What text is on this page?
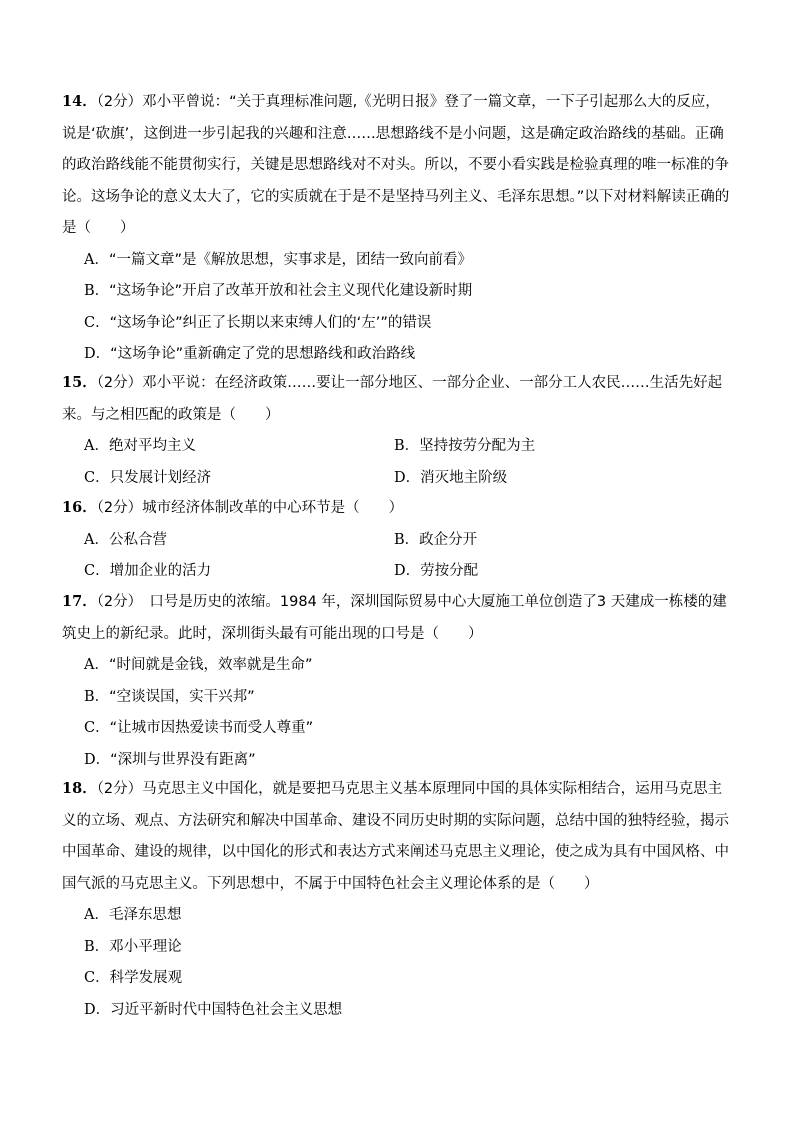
14．（2分）邓小平曾说：“关于真理标准问题,《光明日报》登了一篇文章，一下子引起那么大的反应，说是‘砍旗’，这倒进一步引起我的兴趣和注意……思想路线不是小问题，这是确定政治路线的基础。正确的政治路线能不能贯彻实行，关键是思想路线对不对头。所以，不要小看实践是检验真理的唯一标准的争论。这场争论的意义太大了，它的实质就在于是不是坚持马列主义、毛泽东思想。”以下对材料解读正确的是（　　）

A．“一篇文章”是《解放思想，实事求是，团结一致向前看》
B．“这场争论”开启了改革开放和社会主义现代化建设新时期
C．“这场争论”纠正了长期以来束缚人们的‘左’”的错误
D．“这场争论”重新确定了党的思想路线和政治路线

15．（2分）邓小平说：在经济政策……要让一部分地区、一部分企业、一部分工人农民……生活先好起来。与之相匹配的政策是（　　）

A．绝对平均主义	B．坚持按劳分配为主
C．只发展计划经济	D．消灭地主阶级

16．（2分）城市经济体制改革的中心环节是（　　）

A．公私合营	B．政企分开
C．增加企业的活力	D．劳按分配

17．（2分）　口号是历史的浓缩。1984 年，深圳国际贸易中心大厦施工单位创造了3 天建成一栋楼的建筑史上的新纪录。此时，深圳街头最有可能出现的口号是（　　）

A．“时间就是金钱，效率就是生命”
B．“空谈误国，实干兴邦”
C．“让城市因热爱读书而受人尊重”
D．“深圳与世界没有距离”

18．（2分）马克思主义中国化，就是要把马克思主义基本原理同中国的具体实际相结合，运用马克思主义的立场、观点、方法研究和解决中国革命、建设不同历史时期的实际问题，总结中国的独特经验，揭示中国革命、建设的规律，以中国化的形式和表达方式来阐述马克思主义理论，使之成为具有中国风格、中国气派的马克思主义。下列思想中，不属于中国特色社会主义理论体系的是（　　）

A．毛泽东思想
B．邓小平理论
C．科学发展观
D．习近平新时代中国特色社会主义思想
